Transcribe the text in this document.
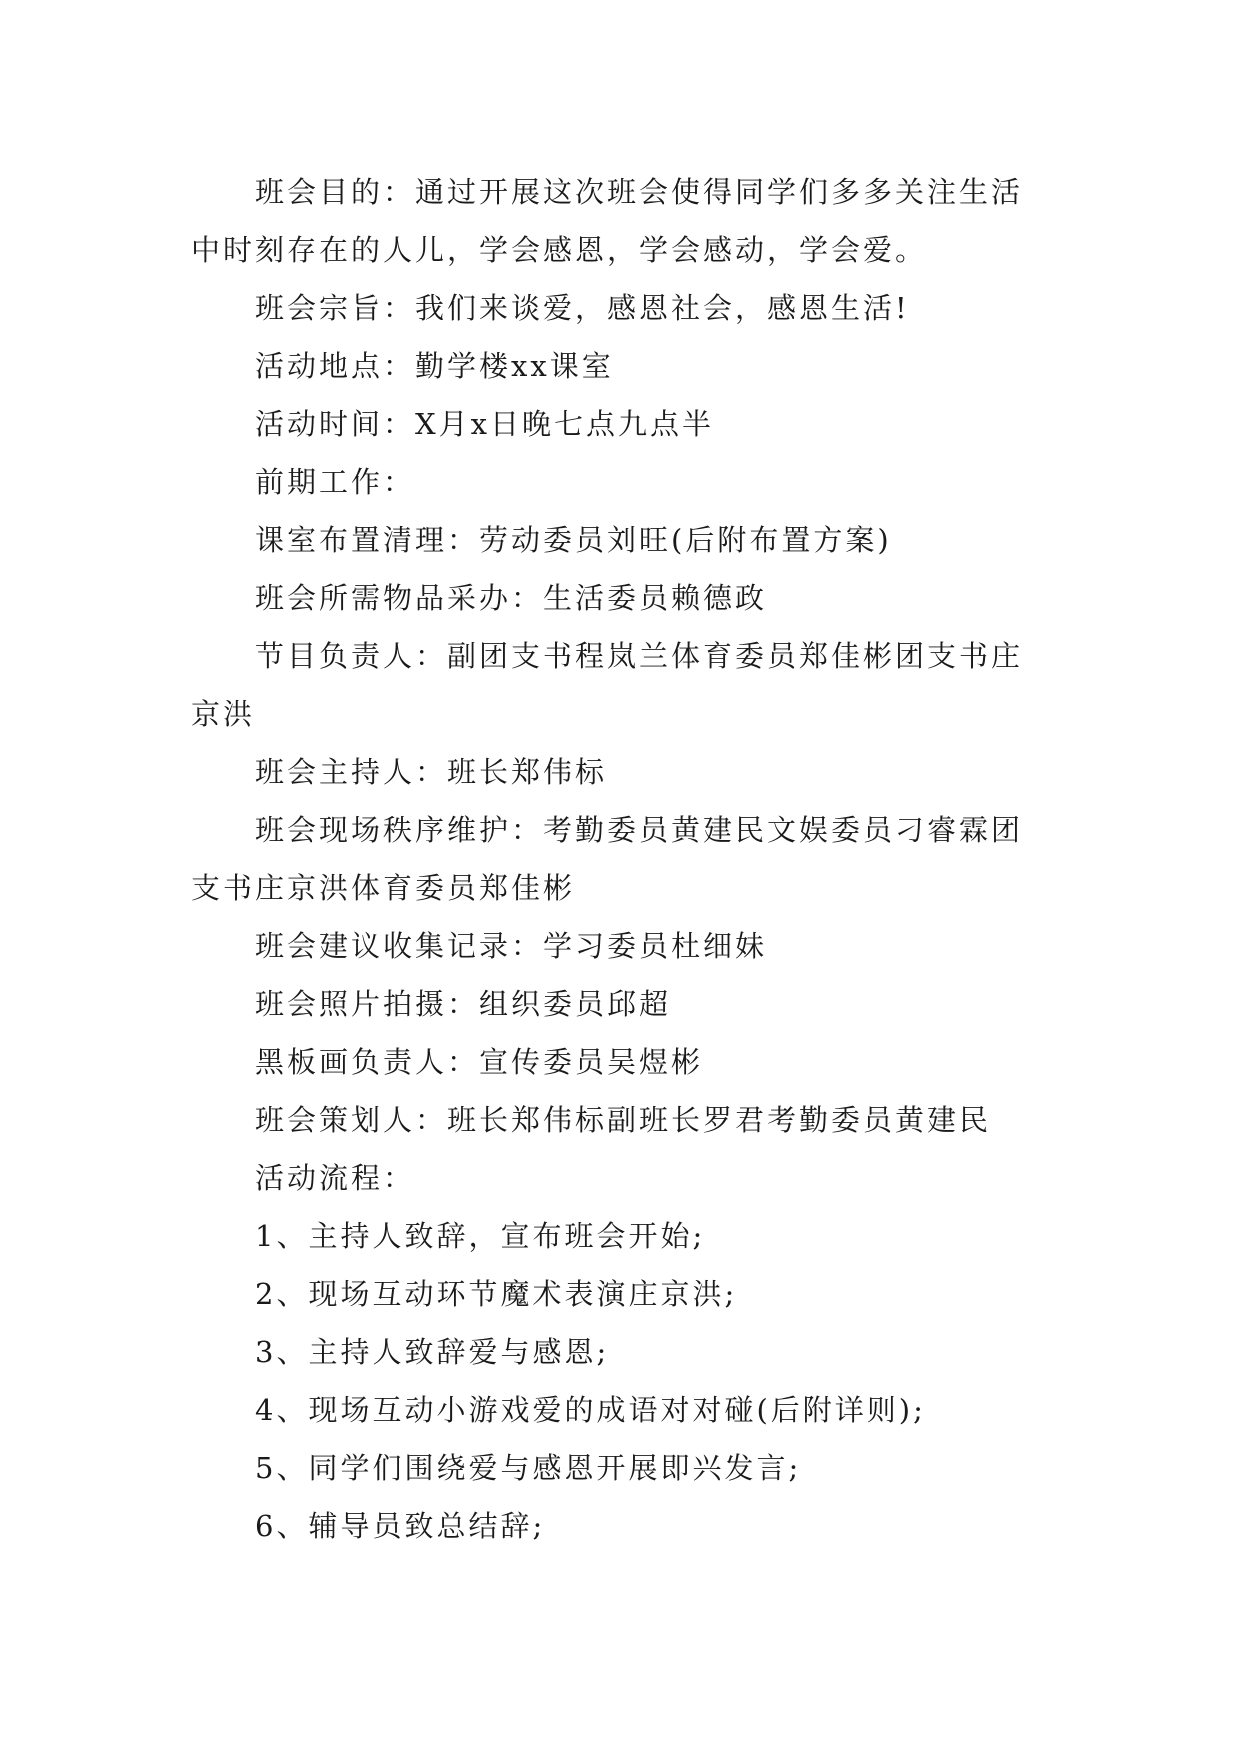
班会目的：通过开展这次班会使得同学们多多关注生活中时刻存在的人儿，学会感恩，学会感动，学会爱。

班会宗旨：我们来谈爱，感恩社会，感恩生活!

活动地点：勤学楼xx课室

活动时间：X月x日晚七点九点半

前期工作：

课室布置清理：劳动委员刘旺(后附布置方案)

班会所需物品采办：生活委员赖德政

节目负责人：副团支书程岚兰体育委员郑佳彬团支书庄京洪

班会主持人：班长郑伟标

班会现场秩序维护：考勤委员黄建民文娱委员刁睿霖团支书庄京洪体育委员郑佳彬

班会建议收集记录：学习委员杜细妹

班会照片拍摄：组织委员邱超

黑板画负责人：宣传委员吴煜彬

班会策划人：班长郑伟标副班长罗君考勤委员黄建民

活动流程：

1、主持人致辞，宣布班会开始;

2、现场互动环节魔术表演庄京洪;

3、主持人致辞爱与感恩;

4、现场互动小游戏爱的成语对对碰(后附详则);

5、同学们围绕爱与感恩开展即兴发言;

6、辅导员致总结辞;
